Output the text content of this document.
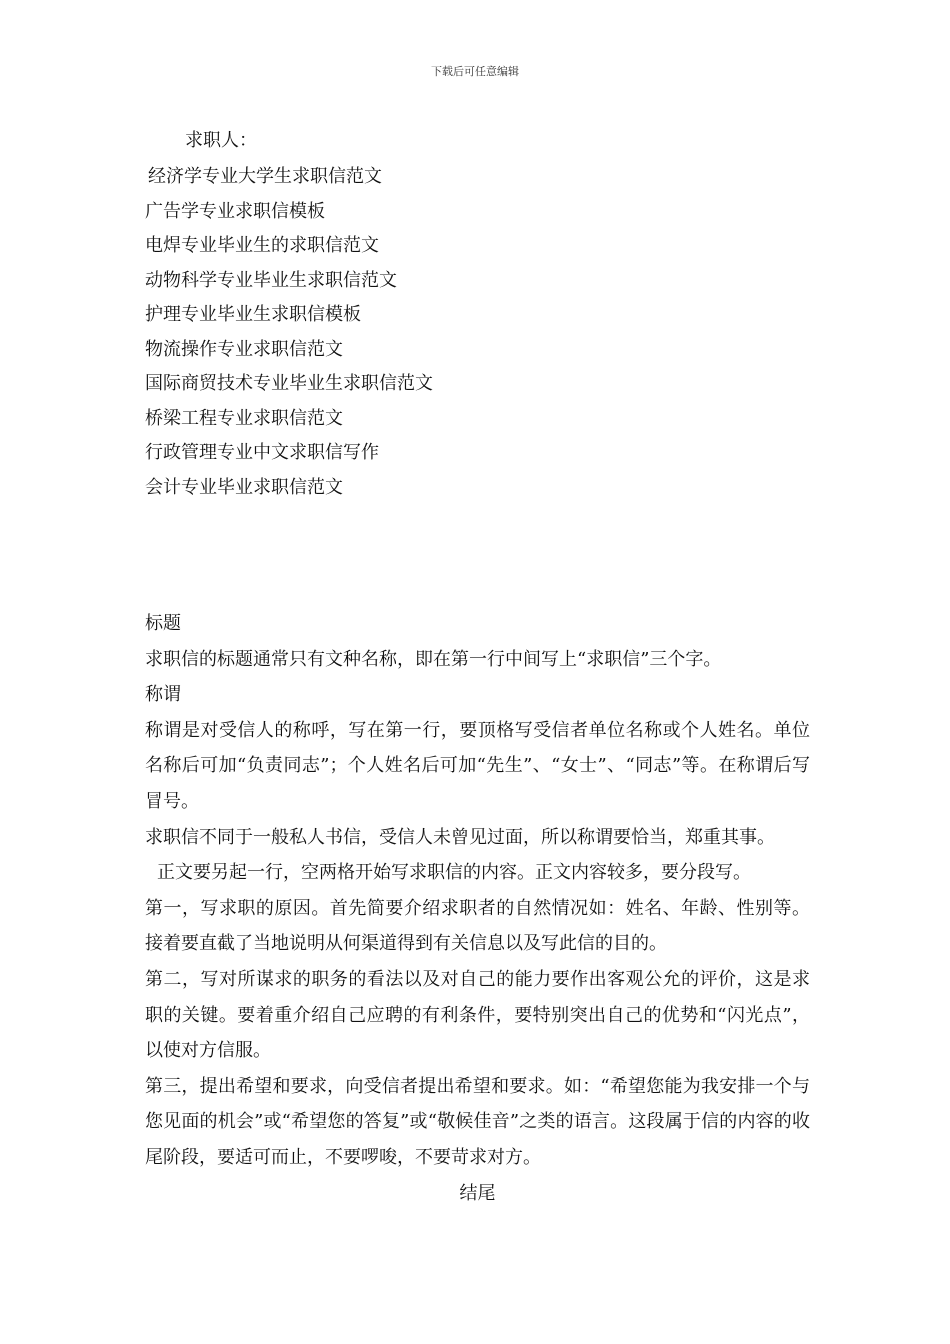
下载后可任意编辑
求职人：
经济学专业大学生求职信范文
广告学专业求职信模板
电焊专业毕业生的求职信范文
动物科学专业毕业生求职信范文
护理专业毕业生求职信模板
物流操作专业求职信范文
国际商贸技术专业毕业生求职信范文
桥梁工程专业求职信范文
行政管理专业中文求职信写作
会计专业毕业求职信范文

标题

求职信的标题通常只有文种名称，即在第一行中间写上“求职信”三个字。

称谓

称谓是对受信人的称呼，写在第一行，要顶格写受信者单位名称或个人姓名。单位名称后可加“负责同志”；个人姓名后可加“先生”、“女士”、“同志”等。在称谓后写冒号。

求职信不同于一般私人书信，受信人未曾见过面，所以称谓要恰当，郑重其事。

正文要另起一行，空两格开始写求职信的内容。正文内容较多，要分段写。

第一，写求职的原因。首先简要介绍求职者的自然情况如：姓名、年龄、性别等。接着要直截了当地说明从何渠道得到有关信息以及写此信的目的。

第二，写对所谋求的职务的看法以及对自己的能力要作出客观公允的评价，这是求职的关键。要着重介绍自己应聘的有利条件，要特别突出自己的优势和“闪光点”，以使对方信服。

第三，提出希望和要求，向受信者提出希望和要求。如：“希望您能为我安排一个与您见面的机会”或“希望您的答复”或“敬候佳音”之类的语言。这段属于信的内容的收尾阶段，要适可而止，不要啰唆，不要苛求对方。

结尾
